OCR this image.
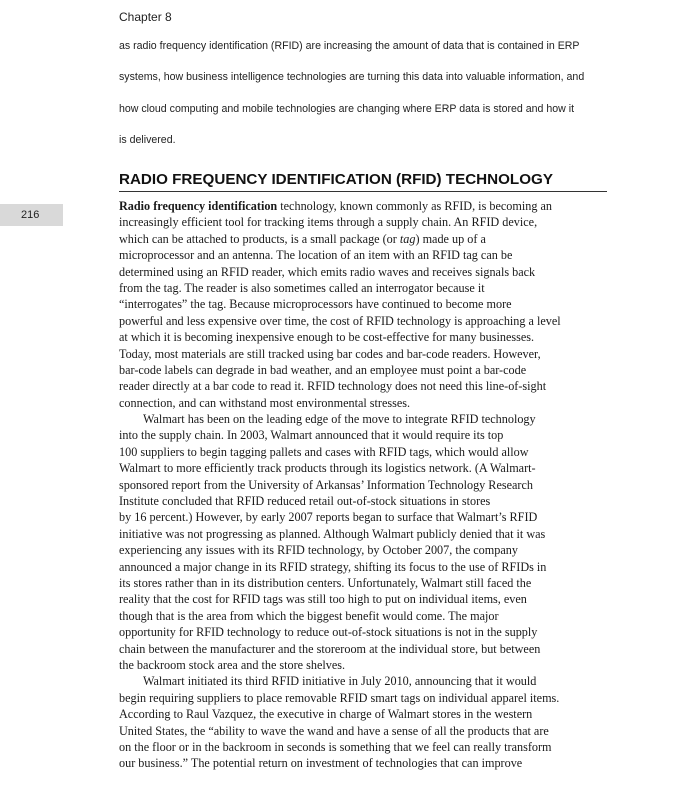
Chapter 8
as radio frequency identification (RFID) are increasing the amount of data that is contained in ERP
systems, how business intelligence technologies are turning this data into valuable information, and
how cloud computing and mobile technologies are changing where ERP data is stored and how it
is delivered.
RADIO FREQUENCY IDENTIFICATION (RFID) TECHNOLOGY
216
Radio frequency identification technology, known commonly as RFID, is becoming an
increasingly efficient tool for tracking items through a supply chain. An RFID device,
which can be attached to products, is a small package (or tag) made up of a
microprocessor and an antenna. The location of an item with an RFID tag can be
determined using an RFID reader, which emits radio waves and receives signals back
from the tag. The reader is also sometimes called an interrogator because it
“interrogates” the tag. Because microprocessors have continued to become more
powerful and less expensive over time, the cost of RFID technology is approaching a level
at which it is becoming inexpensive enough to be cost-effective for many businesses.
Today, most materials are still tracked using bar codes and bar-code readers. However,
bar-code labels can degrade in bad weather, and an employee must point a bar-code
reader directly at a bar code to read it. RFID technology does not need this line-of-sight
connection, and can withstand most environmental stresses.
Walmart has been on the leading edge of the move to integrate RFID technology
into the supply chain. In 2003, Walmart announced that it would require its top
100 suppliers to begin tagging pallets and cases with RFID tags, which would allow
Walmart to more efficiently track products through its logistics network. (A Walmart-
sponsored report from the University of Arkansas’ Information Technology Research
Institute concluded that RFID reduced retail out-of-stock situations in stores
by 16 percent.) However, by early 2007 reports began to surface that Walmart’s RFID
initiative was not progressing as planned. Although Walmart publicly denied that it was
experiencing any issues with its RFID technology, by October 2007, the company
announced a major change in its RFID strategy, shifting its focus to the use of RFIDs in
its stores rather than in its distribution centers. Unfortunately, Walmart still faced the
reality that the cost for RFID tags was still too high to put on individual items, even
though that is the area from which the biggest benefit would come. The major
opportunity for RFID technology to reduce out-of-stock situations is not in the supply
chain between the manufacturer and the storeroom at the individual store, but between
the backroom stock area and the store shelves.
Walmart initiated its third RFID initiative in July 2010, announcing that it would
begin requiring suppliers to place removable RFID smart tags on individual apparel items.
According to Raul Vazquez, the executive in charge of Walmart stores in the western
United States, the “ability to wave the wand and have a sense of all the products that are
on the floor or in the backroom in seconds is something that we feel can really transform
our business.” The potential return on investment of technologies that can improve
